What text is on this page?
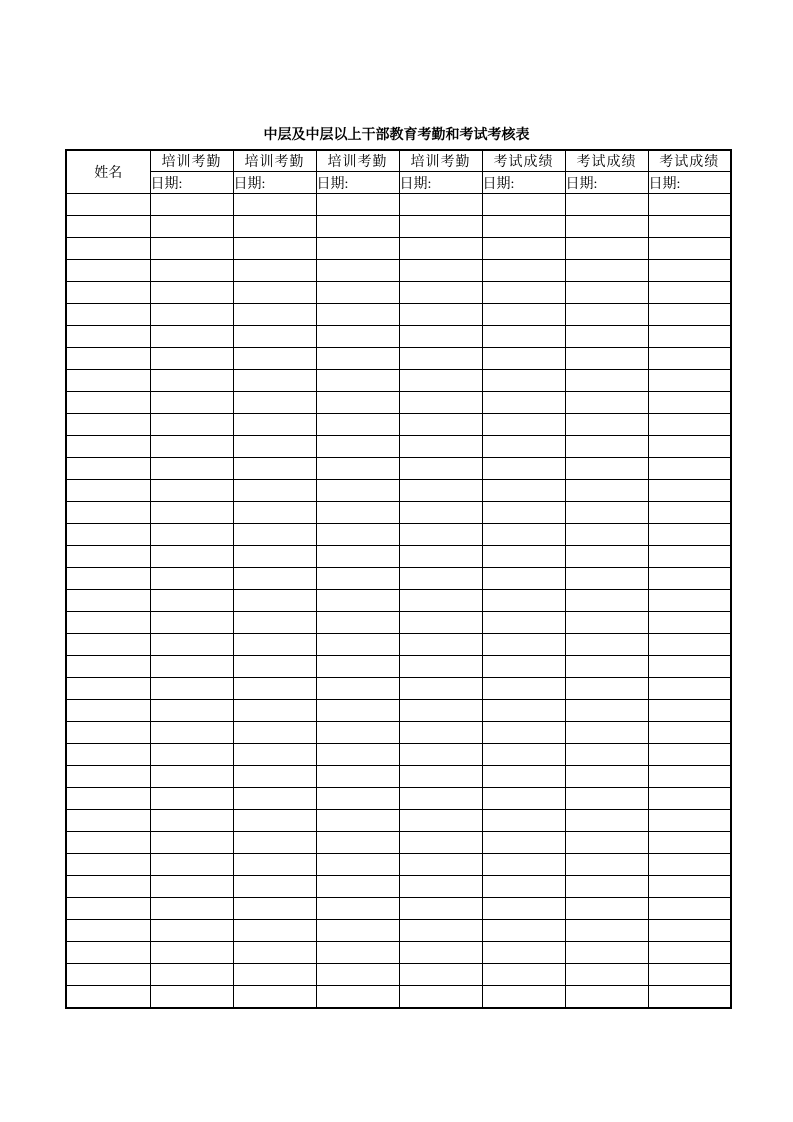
中层及中层以上干部教育考勤和考试考核表
姓名	培训考勤	培训考勤	培训考勤	培训考勤	考试成绩	考试成绩	考试成绩
	日期:	日期:	日期:	日期:	日期:	日期:	日期:
